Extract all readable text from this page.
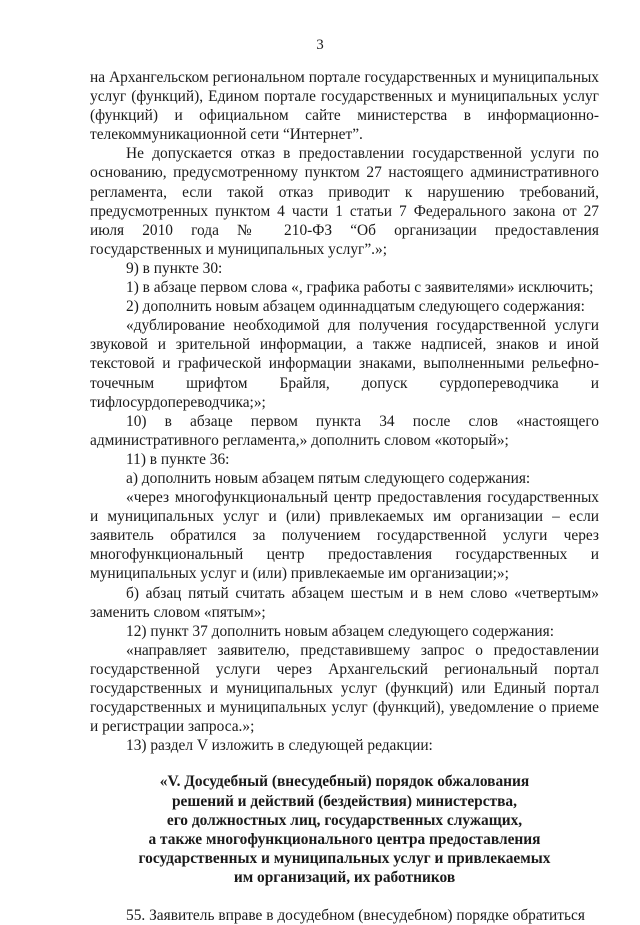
3

на Архангельском региональном портале государственных и муниципальных услуг (функций), Едином портале государственных и муниципальных услуг (функций) и официальном сайте министерства в информационно-телекоммуникационной сети “Интернет”.

Не допускается отказ в предоставлении государственной услуги по основанию, предусмотренному пунктом 27 настоящего административного регламента, если такой отказ приводит к нарушению требований, предусмотренных пунктом 4 части 1 статьи 7 Федерального закона от 27 июля 2010 года № 210-ФЗ “Об организации предоставления государственных и муниципальных услуг”.»;

9) в пункте 30:

1) в абзаце первом слова «, графика работы с заявителями» исключить;

2) дополнить новым абзацем одиннадцатым следующего содержания:

«дублирование необходимой для получения государственной услуги звуковой и зрительной информации, а также надписей, знаков и иной текстовой и графической информации знаками, выполненными рельефно-точечным шрифтом Брайля, допуск сурдопереводчика и тифлосурдопереводчика;»;

10) в абзаце первом пункта 34 после слов «настоящего административного регламента,» дополнить словом «который»;

11) в пункте 36:

а) дополнить новым абзацем пятым следующего содержания:

«через многофункциональный центр предоставления государственных и муниципальных услуг и (или) привлекаемых им организации – если заявитель обратился за получением государственной услуги через многофункциональный центр предоставления государственных и муниципальных услуг и (или) привлекаемые им организации;»;

б) абзац пятый считать абзацем шестым и в нем слово «четвертым» заменить словом «пятым»;

12) пункт 37 дополнить новым абзацем следующего содержания:

«направляет заявителю, представившему запрос о предоставлении государственной услуги через Архангельский региональный портал государственных и муниципальных услуг (функций) или Единый портал государственных и муниципальных услуг (функций), уведомление о приеме и регистрации запроса.»;

13) раздел V изложить в следующей редакции:

«V. Досудебный (внесудебный) порядок обжалования
решений и действий (бездействия) министерства,
его должностных лиц, государственных служащих,
а также многофункционального центра предоставления
государственных и муниципальных услуг и привлекаемых
им организаций, их работников

55. Заявитель вправе в досудебном (внесудебном) порядке обратиться
